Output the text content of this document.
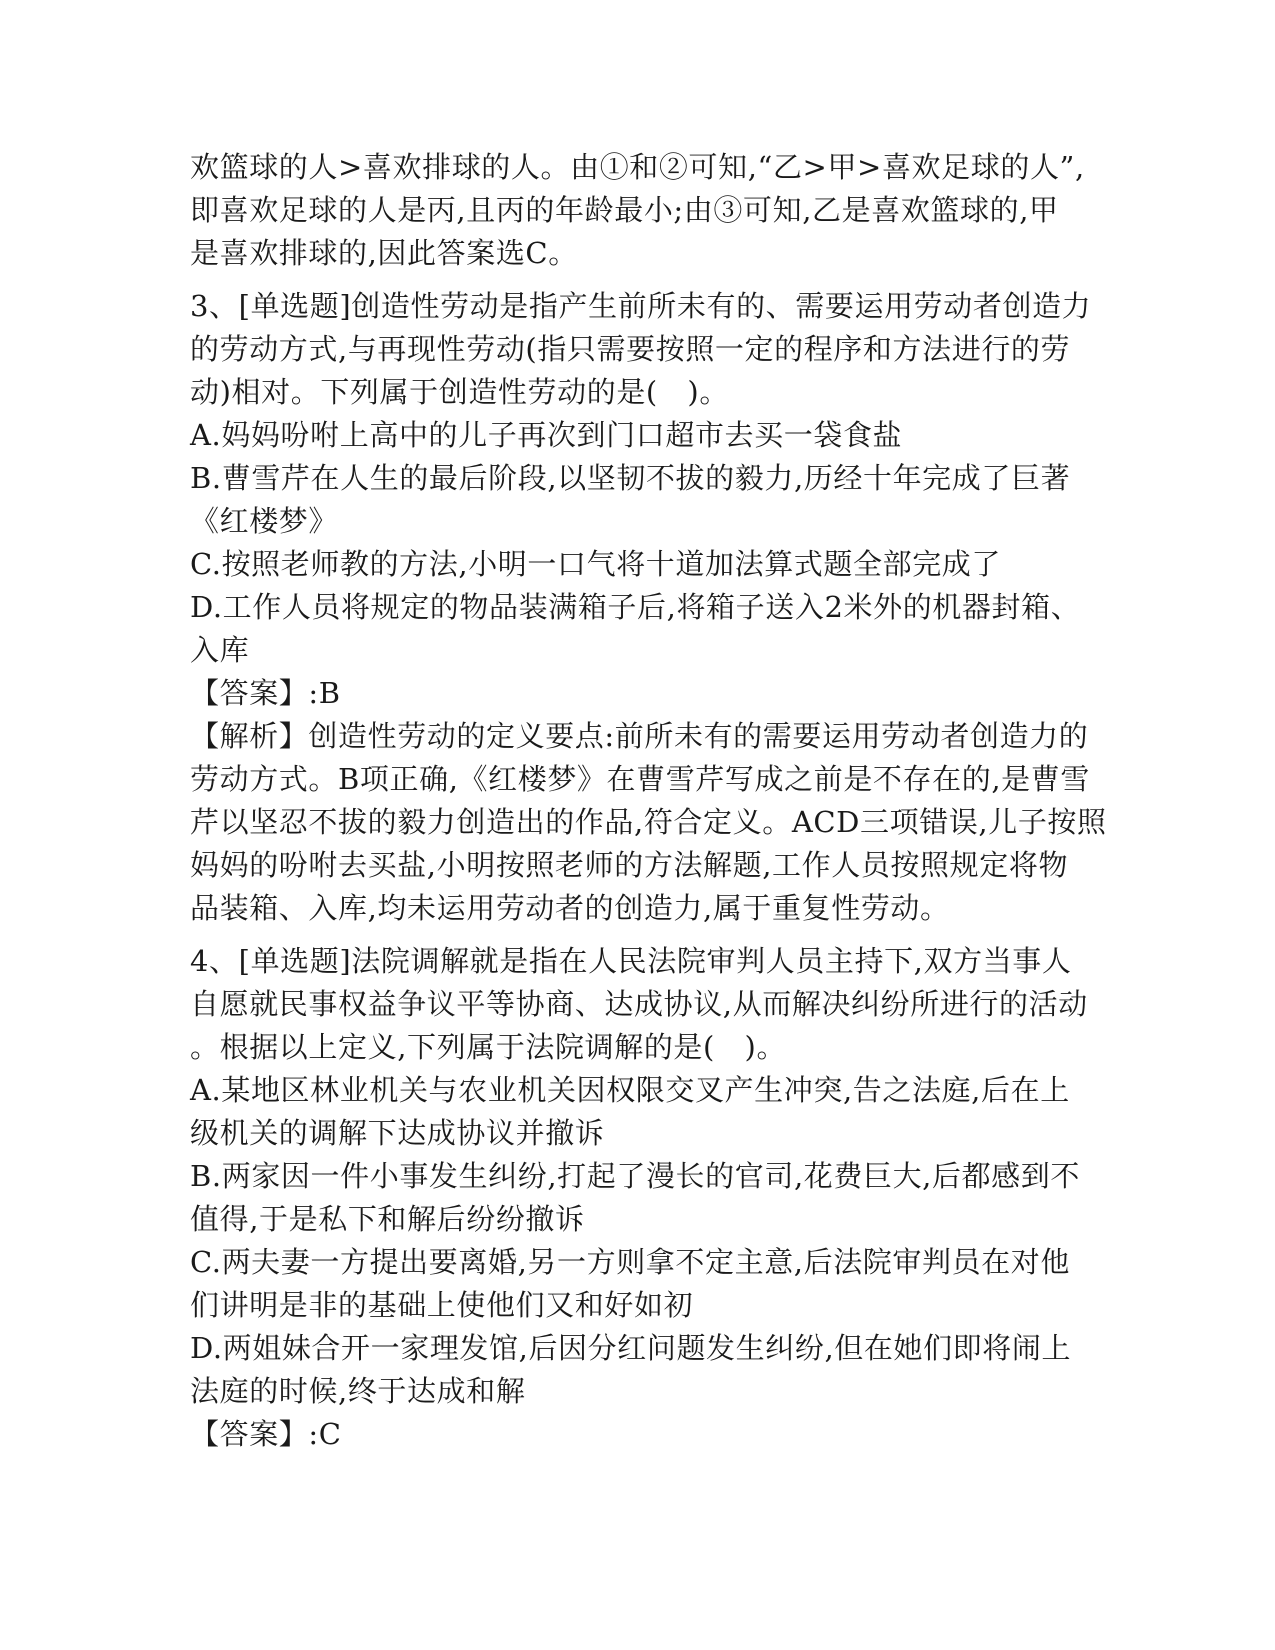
欢篮球的人>喜欢排球的人。由①和②可知,“乙>甲>喜欢足球的人”,
即喜欢足球的人是丙,且丙的年龄最小;由③可知,乙是喜欢篮球的,甲
是喜欢排球的,因此答案选C。
3、[单选题]创造性劳动是指产生前所未有的、需要运用劳动者创造力
的劳动方式,与再现性劳动(指只需要按照一定的程序和方法进行的劳
动)相对。下列属于创造性劳动的是(　)。
A.妈妈吩咐上高中的儿子再次到门口超市去买一袋食盐
B.曹雪芹在人生的最后阶段,以坚韧不拔的毅力,历经十年完成了巨著
《红楼梦》
C.按照老师教的方法,小明一口气将十道加法算式题全部完成了
D.工作人员将规定的物品装满箱子后,将箱子送入2米外的机器封箱、
入库
【答案】:B
【解析】创造性劳动的定义要点:前所未有的需要运用劳动者创造力的
劳动方式。B项正确,《红楼梦》在曹雪芹写成之前是不存在的,是曹雪
芹以坚忍不拔的毅力创造出的作品,符合定义。ACD三项错误,儿子按照
妈妈的吩咐去买盐,小明按照老师的方法解题,工作人员按照规定将物
品装箱、入库,均未运用劳动者的创造力,属于重复性劳动。
4、[单选题]法院调解就是指在人民法院审判人员主持下,双方当事人
自愿就民事权益争议平等协商、达成协议,从而解决纠纷所进行的活动
。根据以上定义,下列属于法院调解的是(　)。
A.某地区林业机关与农业机关因权限交叉产生冲突,告之法庭,后在上
级机关的调解下达成协议并撤诉
B.两家因一件小事发生纠纷,打起了漫长的官司,花费巨大,后都感到不
值得,于是私下和解后纷纷撤诉
C.两夫妻一方提出要离婚,另一方则拿不定主意,后法院审判员在对他
们讲明是非的基础上使他们又和好如初
D.两姐妹合开一家理发馆,后因分红问题发生纠纷,但在她们即将闹上
法庭的时候,终于达成和解
【答案】:C
